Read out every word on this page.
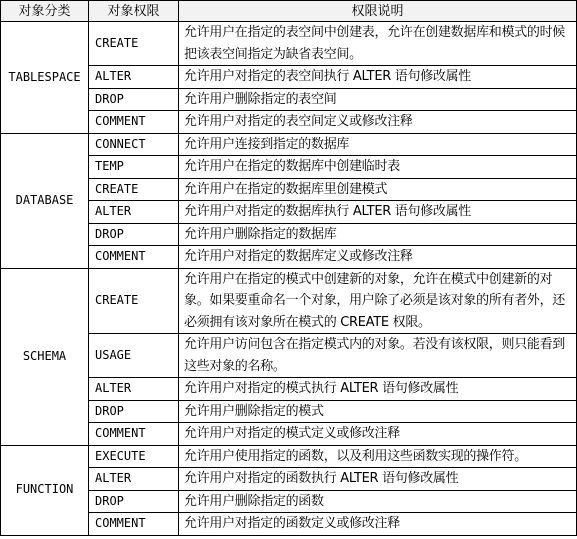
对象分类	对象权限	权限说明
TABLESPACE	CREATE	允许用户在指定的表空间中创建表，允许在创建数据库和模式的时候把该表空间指定为缺省表空间。
	ALTER	允许用户对指定的表空间执行 ALTER 语句修改属性
	DROP	允许用户删除指定的表空间
	COMMENT	允许用户对指定的表空间定义或修改注释
DATABASE	CONNECT	允许用户连接到指定的数据库
	TEMP	允许用户在指定的数据库中创建临时表
	CREATE	允许用户在指定的数据库里创建模式
	ALTER	允许用户对指定的数据库执行 ALTER 语句修改属性
	DROP	允许用户删除指定的数据库
	COMMENT	允许用户对指定的数据库定义或修改注释
SCHEMA	CREATE	允许用户在指定的模式中创建新的对象，允许在模式中创建新的对象。如果要重命名一个对象，用户除了必须是该对象的所有者外，还必须拥有该对象所在模式的 CREATE 权限。
	USAGE	允许用户访问包含在指定模式内的对象。若没有该权限，则只能看到这些对象的名称。
	ALTER	允许用户对指定的模式执行 ALTER 语句修改属性
	DROP	允许用户删除指定的模式
	COMMENT	允许用户对指定的模式定义或修改注释
FUNCTION	EXECUTE	允许用户使用指定的函数，以及利用这些函数实现的操作符。
	ALTER	允许用户对指定的函数执行 ALTER 语句修改属性
	DROP	允许用户删除指定的函数
	COMMENT	允许用户对指定的函数定义或修改注释
